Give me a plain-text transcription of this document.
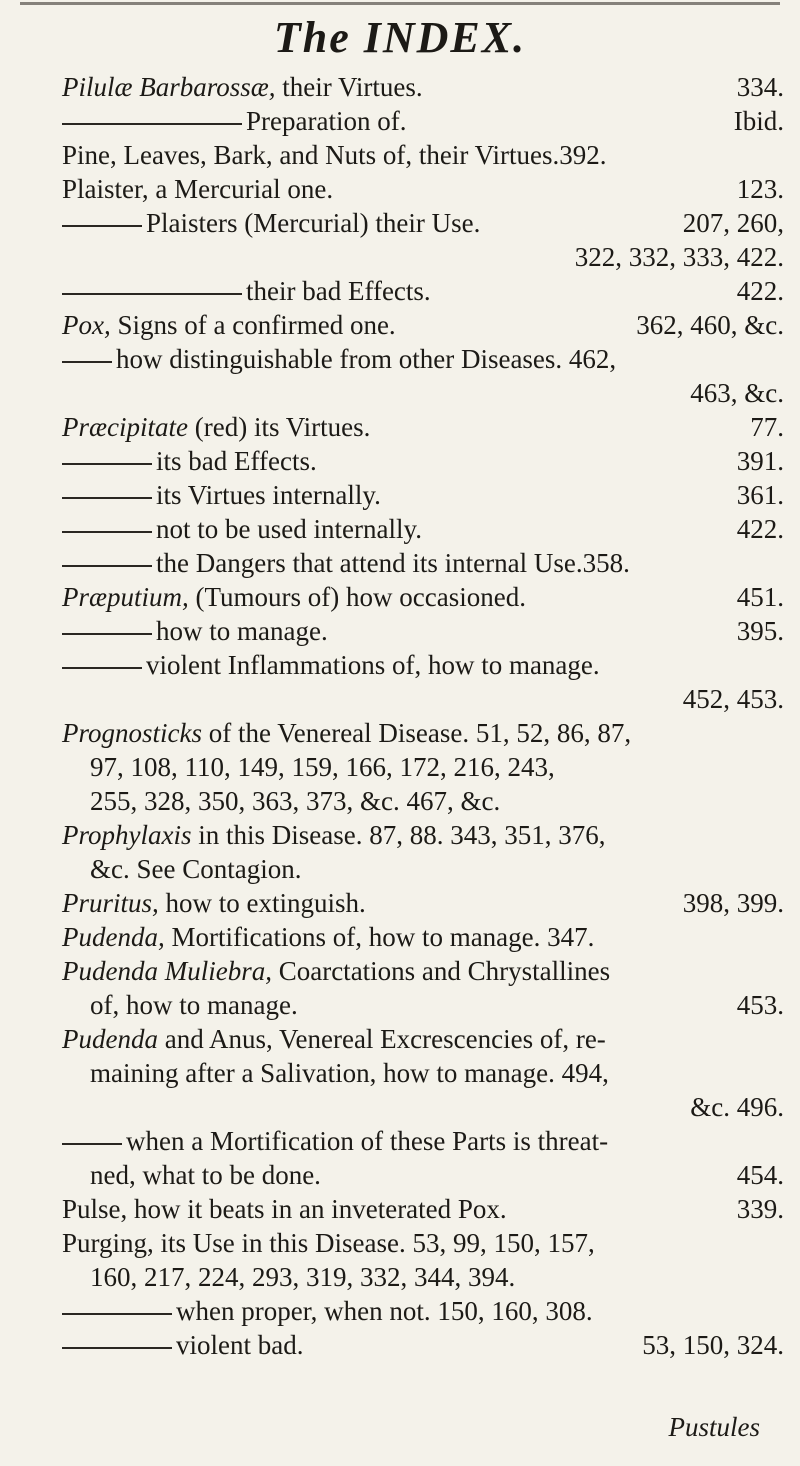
The INDEX.
Pilulæ Barbarossæ, their Virtues.	334.
Preparation of.	Ibid.
Pine, Leaves, Bark, and Nuts of, their Virtues.392.
Plaister, a Mercurial one.	123.
Plaisters (Mercurial) their Use.	207, 260,
322, 332, 333, 422.
their bad Effects.	422.
Pox, Signs of a confirmed one.	362, 460, &c.
how distinguishable from other Diseases. 462,
463, &c.
Præcipitate (red) its Virtues.	77.
its bad Effects.	391.
its Virtues internally.	361.
not to be used internally.	422.
the Dangers that attend its internal Use.358.
Præputium, (Tumours of) how occasioned.	451.
how to manage.	395.
violent Inflammations of, how to manage.
452, 453.
Prognosticks of the Venereal Disease. 51, 52, 86, 87,
97, 108, 110, 149, 159, 166, 172, 216, 243,
255, 328, 350, 363, 373, &c. 467, &c.
Prophylaxis in this Disease. 87, 88. 343, 351, 376,
&c. See Contagion.
Pruritus, how to extinguish.	398, 399.
Pudenda, Mortifications of, how to manage. 347.
Pudenda Muliebra, Coarctations and Chrystallines
of, how to manage.	453.
Pudenda and Anus, Venereal Excrescencies of, re-
maining after a Salivation, how to manage. 494,
&c. 496.
when a Mortification of these Parts is threat-
ned, what to be done.	454.
Pulse, how it beats in an inveterated Pox.	339.
Purging, its Use in this Disease. 53, 99, 150, 157,
160, 217, 224, 293, 319, 332, 344, 394.
when proper, when not. 150, 160, 308.
violent bad.	53, 150, 324.
Pustules
